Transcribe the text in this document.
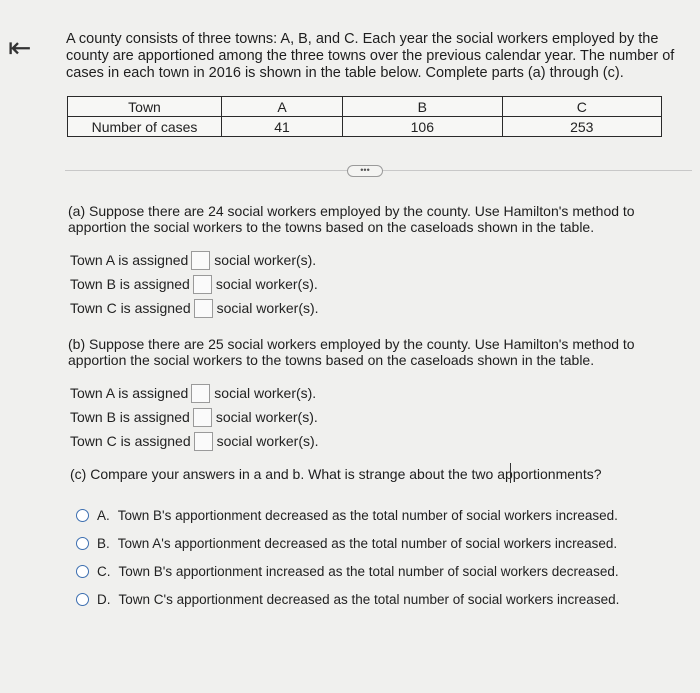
⇤ A county consists of three towns: A, B, and C. Each year the social workers employed by the county are apportioned among the three towns over the previous calendar year. The number of cases in each town in 2016 is shown in the table below. Complete parts (a) through (c).
Town	A	B	C
Number of cases	41	106	253
•••
(a) Suppose there are 24 social workers employed by the county. Use Hamilton's method to apportion the social workers to the towns based on the caseloads shown in the table.
Town A is assigned social worker(s).
Town B is assigned social worker(s).
Town C is assigned social worker(s).
(b) Suppose there are 25 social workers employed by the county. Use Hamilton's method to apportion the social workers to the towns based on the caseloads shown in the table.
Town A is assigned social worker(s).
Town B is assigned social worker(s).
Town C is assigned social worker(s).
(c) Compare your answers in a and b. What is strange about the two apportionments?
A. Town B's apportionment decreased as the total number of social workers increased.
B. Town A's apportionment decreased as the total number of social workers increased.
C. Town B's apportionment increased as the total number of social workers decreased.
D. Town C's apportionment decreased as the total number of social workers increased.
